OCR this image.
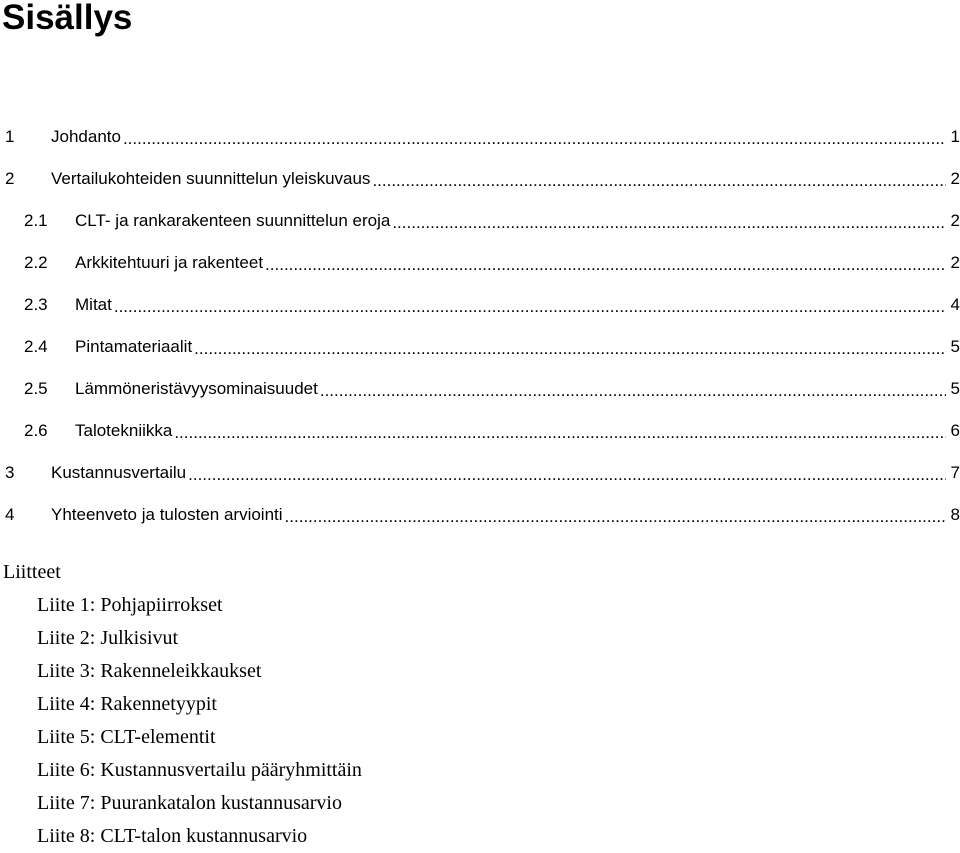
Sisällys
1	Johdanto .....	1
2	Vertailukohteiden suunnittelun yleiskuvaus .....	2
2.1	CLT- ja rankarakenteen suunnittelun eroja .....	2
2.2	Arkkitehtuuri ja rakenteet .....	2
2.3	Mitat .....	4
2.4	Pintamateriaalit .....	5
2.5	Lämmöneristävyysominaisuudet .....	5
2.6	Talotekniikka .....	6
3	Kustannusvertailu .....	7
4	Yhteenveto ja tulosten arviointi .....	8
Liitteet
Liite 1: Pohjapiirrokset
Liite 2: Julkisivut
Liite 3: Rakenneleikkaukset
Liite 4: Rakennetyypit
Liite 5: CLT-elementit
Liite 6: Kustannusvertailu pääryhmittäin
Liite 7: Puurankatalon kustannusarvio
Liite 8: CLT-talon kustannusarvio
